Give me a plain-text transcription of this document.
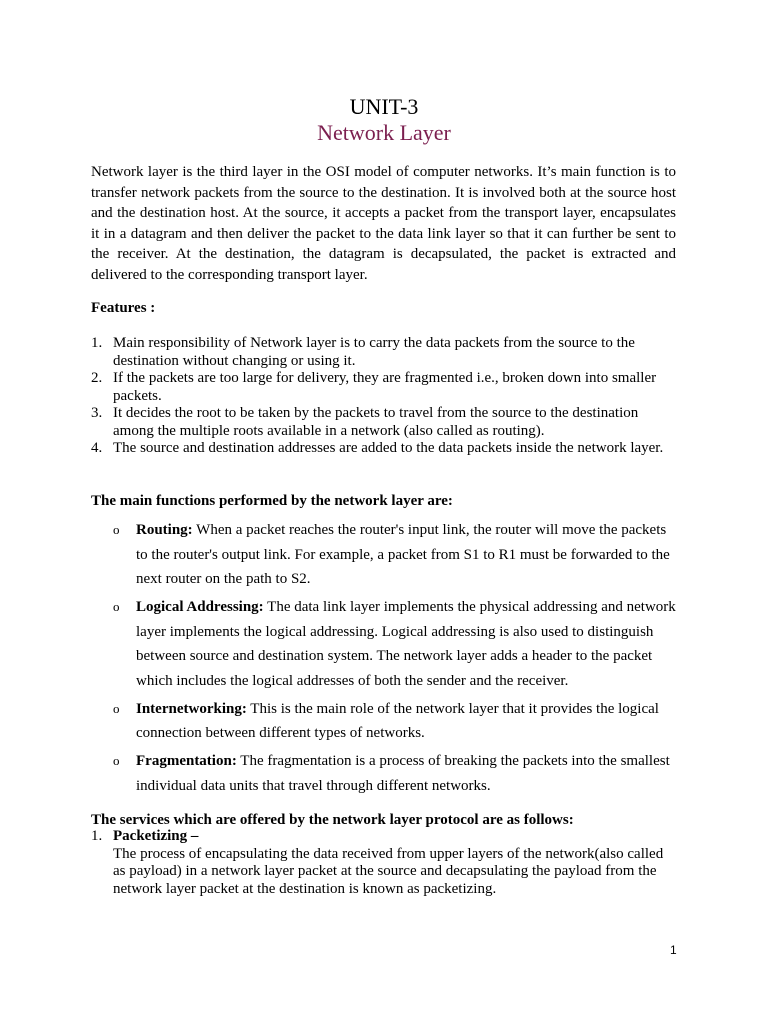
UNIT-3
Network Layer

Network layer is the third layer in the OSI model of computer networks. It’s main function is to transfer network packets from the source to the destination. It is involved both at the source host and the destination host. At the source, it accepts a packet from the transport layer, encapsulates it in a datagram and then deliver the packet to the data link layer so that it can further be sent to the receiver. At the destination, the datagram is decapsulated, the packet is extracted and delivered to the corresponding transport layer.

Features :

1. Main responsibility of Network layer is to carry the data packets from the source to the destination without changing or using it.
2. If the packets are too large for delivery, they are fragmented i.e., broken down into smaller packets.
3. It decides the root to be taken by the packets to travel from the source to the destination among the multiple roots available in a network (also called as routing).
4. The source and destination addresses are added to the data packets inside the network layer.

The main functions performed by the network layer are:

o Routing: When a packet reaches the router's input link, the router will move the packets to the router's output link. For example, a packet from S1 to R1 must be forwarded to the next router on the path to S2.
o Logical Addressing: The data link layer implements the physical addressing and network layer implements the logical addressing. Logical addressing is also used to distinguish between source and destination system. The network layer adds a header to the packet which includes the logical addresses of both the sender and the receiver.
o Internetworking: This is the main role of the network layer that it provides the logical connection between different types of networks.
o Fragmentation: The fragmentation is a process of breaking the packets into the smallest individual data units that travel through different networks.

The services which are offered by the network layer protocol are as follows:

1. Packetizing –
The process of encapsulating the data received from upper layers of the network(also called as payload) in a network layer packet at the source and decapsulating the payload from the network layer packet at the destination is known as packetizing.
1
